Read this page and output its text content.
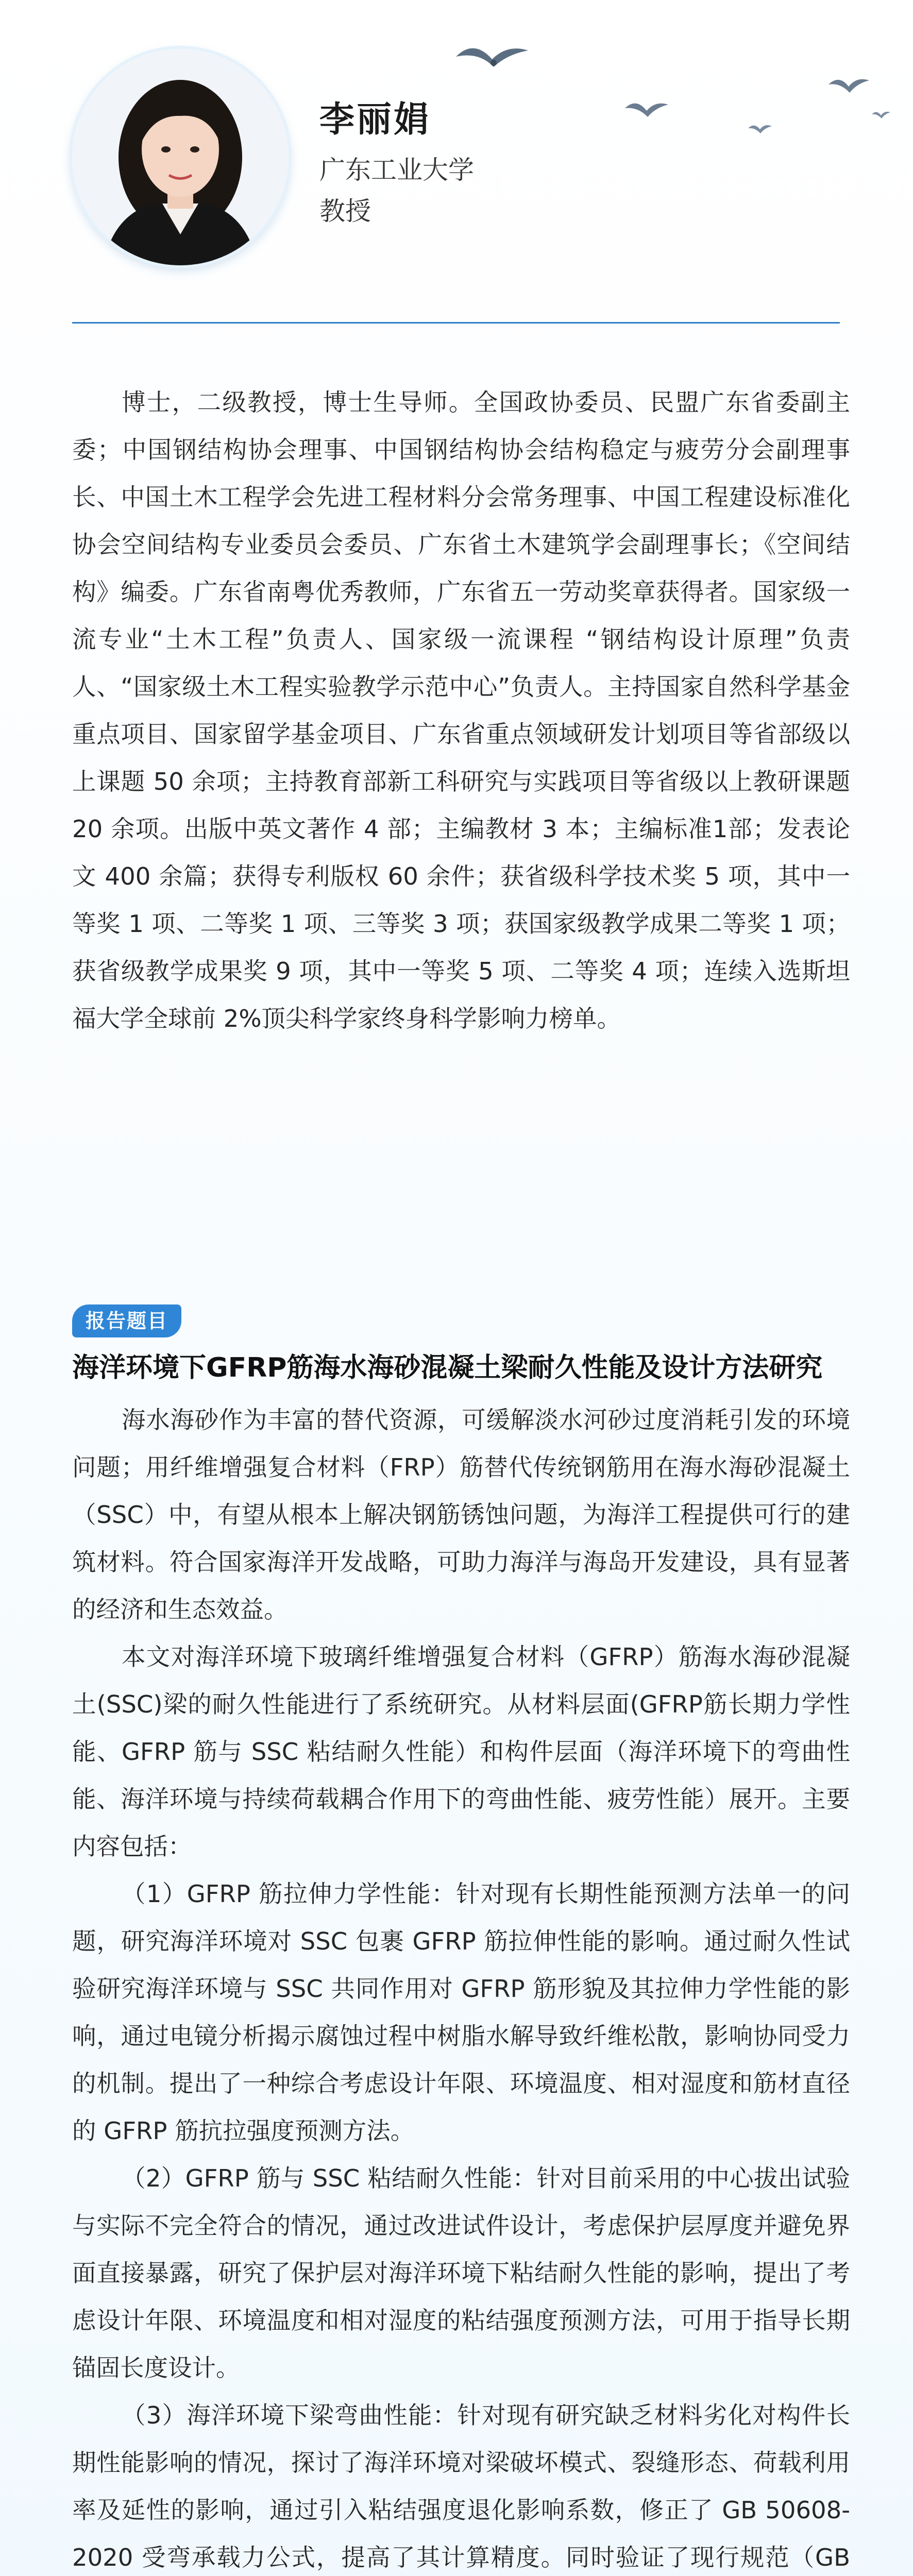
李丽娟
广东工业大学
教授

博士，二级教授，博士生导师。全国政协委员、民盟广东省委副主委；中国钢结构协会理事、中国钢结构协会结构稳定与疲劳分会副理事长、中国土木工程学会先进工程材料分会常务理事、中国工程建设标准化协会空间结构专业委员会委员、广东省土木建筑学会副理事长；《空间结构》编委。广东省南粤优秀教师，广东省五一劳动奖章获得者。国家级一流专业“土木工程”负责人、国家级一流课程 “钢结构设计原理”负责人、“国家级土木工程实验教学示范中心”负责人。主持国家自然科学基金重点项目、国家留学基金项目、广东省重点领域研发计划项目等省部级以上课题 50 余项；主持教育部新工科研究与实践项目等省级以上教研课题 20 余项。出版中英文著作 4 部；主编教材 3 本；主编标准1部；发表论文 400 余篇；获得专利版权 60 余件；获省级科学技术奖 5 项，其中一等奖 1 项、二等奖 1 项、三等奖 3 项；获国家级教学成果二等奖 1 项；获省级教学成果奖 9 项，其中一等奖 5 项、二等奖 4 项；连续入选斯坦福大学全球前 2%顶尖科学家终身科学影响力榜单。

报告题目
海洋环境下GFRP筋海水海砂混凝土梁耐久性能及设计方法研究

海水海砂作为丰富的替代资源，可缓解淡水河砂过度消耗引发的环境问题；用纤维增强复合材料（FRP）筋替代传统钢筋用在海水海砂混凝土（SSC）中，有望从根本上解决钢筋锈蚀问题，为海洋工程提供可行的建筑材料。符合国家海洋开发战略，可助力海洋与海岛开发建设，具有显著的经济和生态效益。

本文对海洋环境下玻璃纤维增强复合材料（GFRP）筋海水海砂混凝土(SSC)梁的耐久性能进行了系统研究。从材料层面(GFRP筋长期力学性能、GFRP 筋与 SSC 粘结耐久性能）和构件层面（海洋环境下的弯曲性能、海洋环境与持续荷载耦合作用下的弯曲性能、疲劳性能）展开。主要内容包括：

（1）GFRP 筋拉伸力学性能：针对现有长期性能预测方法单一的问题，研究海洋环境对 SSC 包裹 GFRP 筋拉伸性能的影响。通过耐久性试验研究海洋环境与 SSC 共同作用对 GFRP 筋形貌及其拉伸力学性能的影响，通过电镜分析揭示腐蚀过程中树脂水解导致纤维松散，影响协同受力的机制。提出了一种综合考虑设计年限、环境温度、相对湿度和筋材直径的 GFRP 筋抗拉强度预测方法。

（2）GFRP 筋与 SSC 粘结耐久性能：针对目前采用的中心拔出试验与实际不完全符合的情况，通过改进试件设计，考虑保护层厚度并避免界面直接暴露，研究了保护层对海洋环境下粘结耐久性能的影响，提出了考虑设计年限、环境温度和相对湿度的粘结强度预测方法，可用于指导长期锚固长度设计。

（3）海洋环境下梁弯曲性能：针对现有研究缺乏材料劣化对构件长期性能影响的情况，探讨了海洋环境对梁破坏模式、裂缝形态、荷载利用率及延性的影响，通过引入粘结强度退化影响系数，修正了 GB 50608-2020 受弯承载力公式，提高了其计算精度。同时验证了现行规范（GB
